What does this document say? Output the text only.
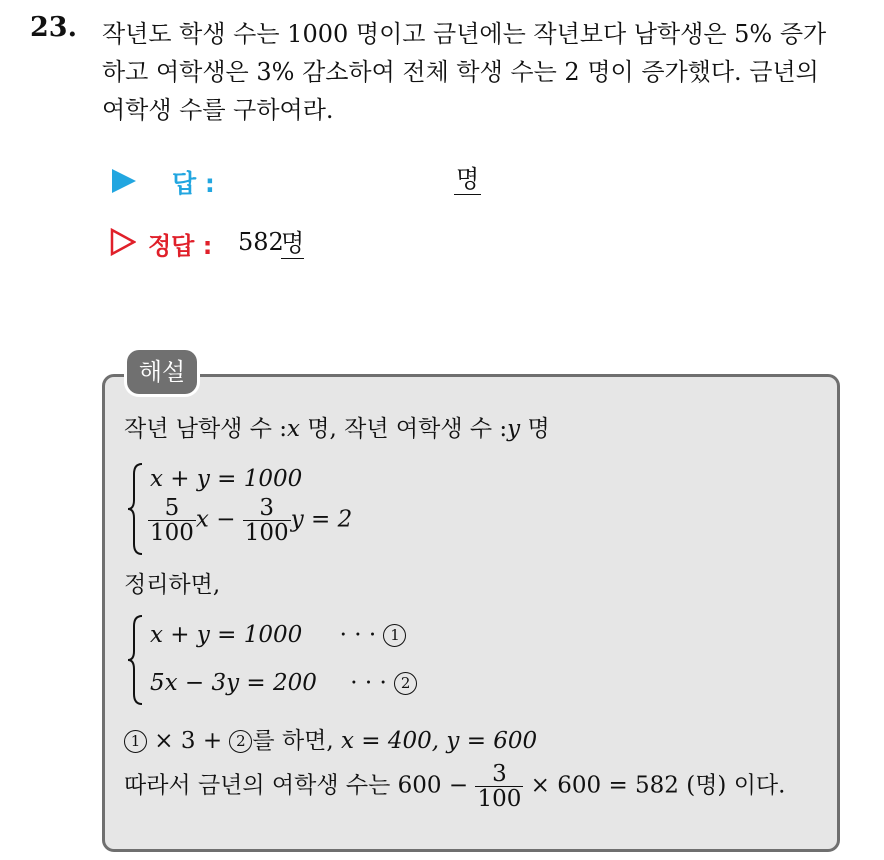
23. 작년도 학생 수는 1000 명이고 금년에는 작년보다 남학생은 5% 증가
하고 여학생은 3% 감소하여 전체 학생 수는 2 명이 증가했다. 금년의
여학생 수를 구하여라.
답 :	명
정답 : 582
명
해설
작년 남학생 수 :x 명, 작년 여학생 수 :y 명
x + y = 1000
$\frac{5}{100}$ $x - \frac{3}{100}$ y = 2
정리하면,
x + y = 1000 · · · 1
5x − 3y = 200 · · · 2
1 × 3 + 2 를 하면, x = 400, y = 600
따라서 금년의 여학생 수는 $600 - \frac{3}{100} \times 600 = 582$ (명) 이다.
